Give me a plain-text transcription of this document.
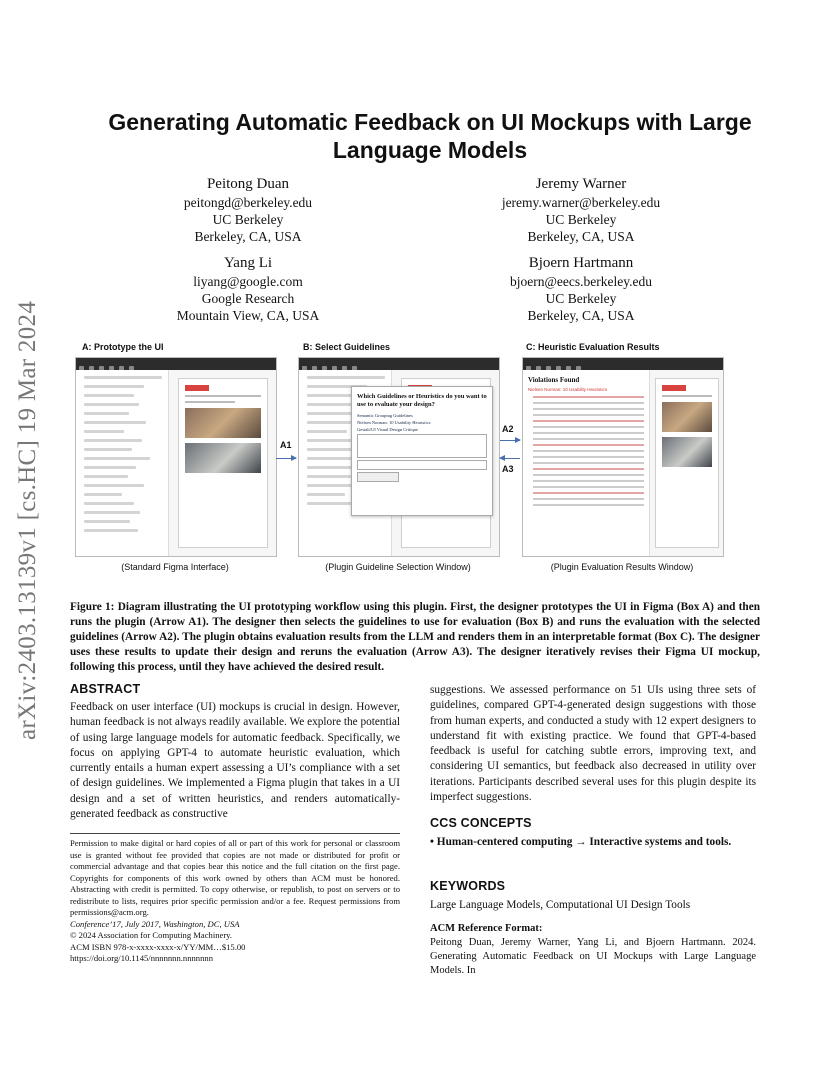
arXiv:2403.13139v1 [cs.HC] 19 Mar 2024
Generating Automatic Feedback on UI Mockups with Large Language Models
Peitong Duan
peitongd@berkeley.edu
UC Berkeley
Berkeley, CA, USA
Jeremy Warner
jeremy.warner@berkeley.edu
UC Berkeley
Berkeley, CA, USA
Yang Li
liyang@google.com
Google Research
Mountain View, CA, USA
Bjoern Hartmann
bjoern@eecs.berkeley.edu
UC Berkeley
Berkeley, CA, USA
A: Prototype the UI	B: Select Guidelines	C: Heuristic Evaluation Results
Which Guidelines or Heuristics do you want to use to evaluate your design?
Semantic Grouping Guidelines
Nielsen Norman: 10 Usability Heuristics
Gestalt/UI Visual Design Critique
Violations Found
Nielsen Norman: 10 Usability Heuristics
A1
A2
A3
(Standard Figma Interface)	(Plugin Guideline Selection Window)	(Plugin Evaluation Results Window)
Figure 1: Diagram illustrating the UI prototyping workflow using this plugin. First, the designer prototypes the UI in Figma (Box A) and then runs the plugin (Arrow A1). The designer then selects the guidelines to use for evaluation (Box B) and runs the evaluation with the selected guidelines (Arrow A2). The plugin obtains evaluation results from the LLM and renders them in an interpretable format (Box C). The designer uses these results to update their design and reruns the evaluation (Arrow A3). The designer iteratively revises their Figma UI mockup, following this process, until they have achieved the desired result.
ABSTRACT
Feedback on user interface (UI) mockups is crucial in design. However, human feedback is not always readily available. We explore the potential of using large language models for automatic feedback. Specifically, we focus on applying GPT-4 to automate heuristic evaluation, which currently entails a human expert assessing a UI’s compliance with a set of design guidelines. We implemented a Figma plugin that takes in a UI design and a set of written heuristics, and renders automatically-generated feedback as constructive
Permission to make digital or hard copies of all or part of this work for personal or classroom use is granted without fee provided that copies are not made or distributed for profit or commercial advantage and that copies bear this notice and the full citation on the first page. Copyrights for components of this work owned by others than ACM must be honored. Abstracting with credit is permitted. To copy otherwise, or republish, to post on servers or to redistribute to lists, requires prior specific permission and/or a fee. Request permissions from permissions@acm.org.
Conference’17, July 2017, Washington, DC, USA
© 2024 Association for Computing Machinery.
ACM ISBN 978-x-xxxx-xxxx-x/YY/MM…$15.00
https://doi.org/10.1145/nnnnnnn.nnnnnnn
suggestions. We assessed performance on 51 UIs using three sets of guidelines, compared GPT-4-generated design suggestions with those from human experts, and conducted a study with 12 expert designers to understand fit with existing practice. We found that GPT-4-based feedback is useful for catching subtle errors, improving text, and considering UI semantics, but feedback also decreased in utility over iterations. Participants described several uses for this plugin despite its imperfect suggestions.
CCS CONCEPTS
• Human-centered computing → Interactive systems and tools.
KEYWORDS
Large Language Models, Computational UI Design Tools
ACM Reference Format:
Peitong Duan, Jeremy Warner, Yang Li, and Bjoern Hartmann. 2024. Generating Automatic Feedback on UI Mockups with Large Language Models. In
